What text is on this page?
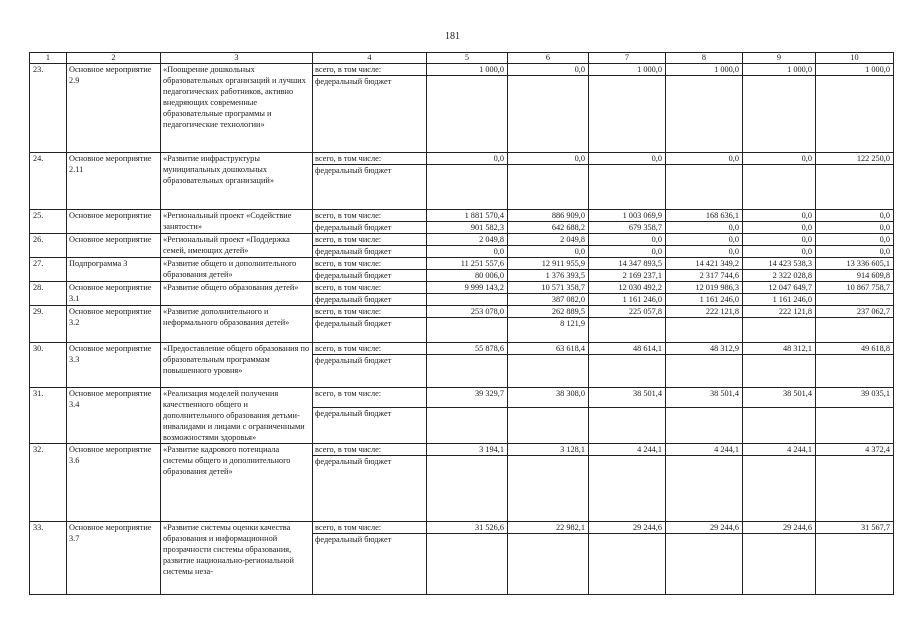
181
1	2	3	4	5	6	7	8	9	10
23.	Основное мероприятие 2.9	«Поощрение дошкольных образовательных организаций и лучших педагогических работников, активно внедряющих современные образовательные программы и педагогические технологии»	всего, в том числе:	1 000,0	0,0	1 000,0	1 000,0	1 000,0	1 000,0
			федеральный бюджет						
24.	Основное мероприятие 2.11	«Развитие инфраструктуры муниципальных дошкольных образовательных организаций»	всего, в том числе:	0,0	0,0	0,0	0,0	0,0	122 250,0
			федеральный бюджет						
25.	Основное мероприятие	«Региональный проект «Содействие занятости»	всего, в том числе:	1 881 570,4	886 909,0	1 003 069,9	168 636,1	0,0	0,0
			федеральный бюджет	901 582,3	642 688,2	679 358,7	0,0	0,0	0,0
26.	Основное мероприятие	«Региональный проект «Поддержка семей, имеющих детей»	всего, в том числе:	2 049,8	2 049,8	0,0	0,0	0,0	0,0
			федеральный бюджет	0,0	0,0	0,0	0,0	0,0	0,0
27.	Подпрограмма 3	«Развитие общего и дополнительного образования детей»	всего, в том числе:	11 251 557,6	12 911 955,9	14 347 893,5	14 421 349,2	14 423 538,3	13 336 605,1
			федеральный бюджет	80 006,0	1 376 393,5	2 169 237,1	2 317 744,6	2 322 028,8	914 609,8
28.	Основное мероприятие 3.1	«Развитие общего образования детей»	всего, в том числе:	9 999 143,2	10 571 358,7	12 030 492,2	12 019 986,3	12 047 649,7	10 867 758,7
			федеральный бюджет		387 082,0	1 161 246,0	1 161 246,0	1 161 246,0	
29.	Основное мероприятие 3.2	«Развитие дополнительного и неформального образования детей»	всего, в том числе:	253 078,0	262 889,5	225 057,8	222 121,8	222 121,8	237 062,7
			федеральный бюджет		8 121,9				
30.	Основное мероприятие 3.3	«Предоставление общего образования по образовательным программам повышенного уровня»	всего, в том числе:	55 878,6	63 618,4	48 614,1	48 312,9	48 312,1	49 618,8
			федеральный бюджет						
31.	Основное мероприятие 3.4	«Реализация моделей получения качественного общего и дополнительного образования детьми-инвалидами и лицами с ограниченными возможностями здоровья»	всего, в том числе:	39 329,7	38 308,0	38 501,4	38 501,4	38 501,4	39 035,1
			федеральный бюджет						
32.	Основное мероприятие 3.6	«Развитие кадрового потенциала системы общего и дополнительного образования детей»	всего, в том числе:	3 194,1	3 128,1	4 244,1	4 244,1	4 244,1	4 372,4
			федеральный бюджет						
33.	Основное мероприятие 3.7	«Развитие системы оценки качества образования и информационной прозрачности системы образования, развитие национально-региональной системы неза-	всего, в том числе:	31 526,6	22 982,1	29 244,6	29 244,6	29 244,6	31 567,7
			федеральный бюджет						
